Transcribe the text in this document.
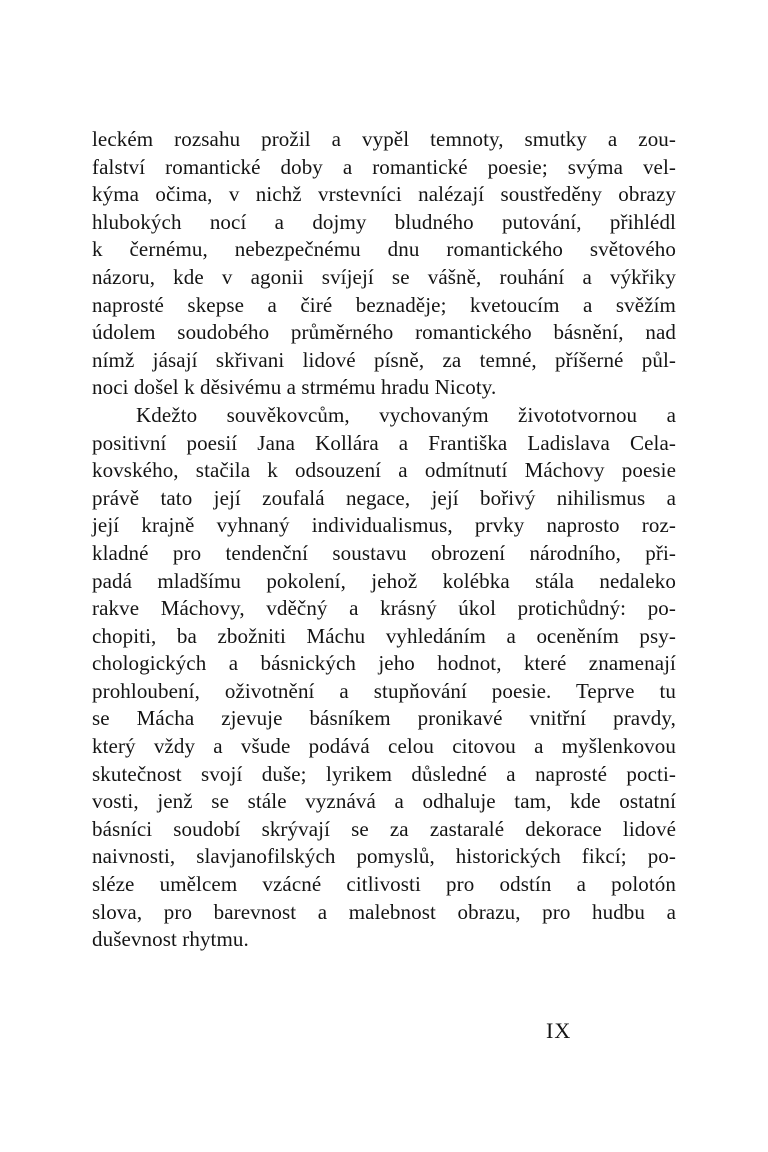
leckém rozsahu prožil a vypěl temnoty, smutky a zou-
falství romantické doby a romantické poesie; svýma vel-
kýma očima, v nichž vrstevníci nalézají soustředěny obrazy
hlubokých nocí a dojmy bludného putování, přihlédl
k černému, nebezpečnému dnu romantického světového
názoru, kde v agonii svíjejí se vášně, rouhání a výkřiky
naprosté skepse a čiré beznaděje; kvetoucím a svěžím
údolem soudobého průměrného romantického básnění, nad
nímž jásají skřivani lidové písně, za temné, příšerné půl-
noci došel k děsivému a strmému hradu Nicoty.
Kdežto souvěkovcům, vychovaným živototvornou a
positivní poesií Jana Kollára a Františka Ladislava Cela-
kovského, stačila k odsouzení a odmítnutí Máchovy poesie
právě tato její zoufalá negace, její bořivý nihilismus a
její krajně vyhnaný individualismus, prvky naprosto roz-
kladné pro tendenční soustavu obrození národního, při-
padá mladšímu pokolení, jehož kolébka stála nedaleko
rakve Máchovy, vděčný a krásný úkol protichůdný: po-
chopiti, ba zbožniti Máchu vyhledáním a oceněním psy-
chologických a básnických jeho hodnot, které znamenají
prohloubení, oživotnění a stupňování poesie. Teprve tu
se Mácha zjevuje básníkem pronikavé vnitřní pravdy,
který vždy a všude podává celou citovou a myšlenkovou
skutečnost svojí duše; lyrikem důsledné a naprosté pocti-
vosti, jenž se stále vyznává a odhaluje tam, kde ostatní
básníci soudobí skrývají se za zastaralé dekorace lidové
naivnosti, slavjanofilských pomyslů, historických fikcí; po-
sléze umělcem vzácné citlivosti pro odstín a polotón
slova, pro barevnost a malebnost obrazu, pro hudbu a
duševnost rhytmu.
IX
